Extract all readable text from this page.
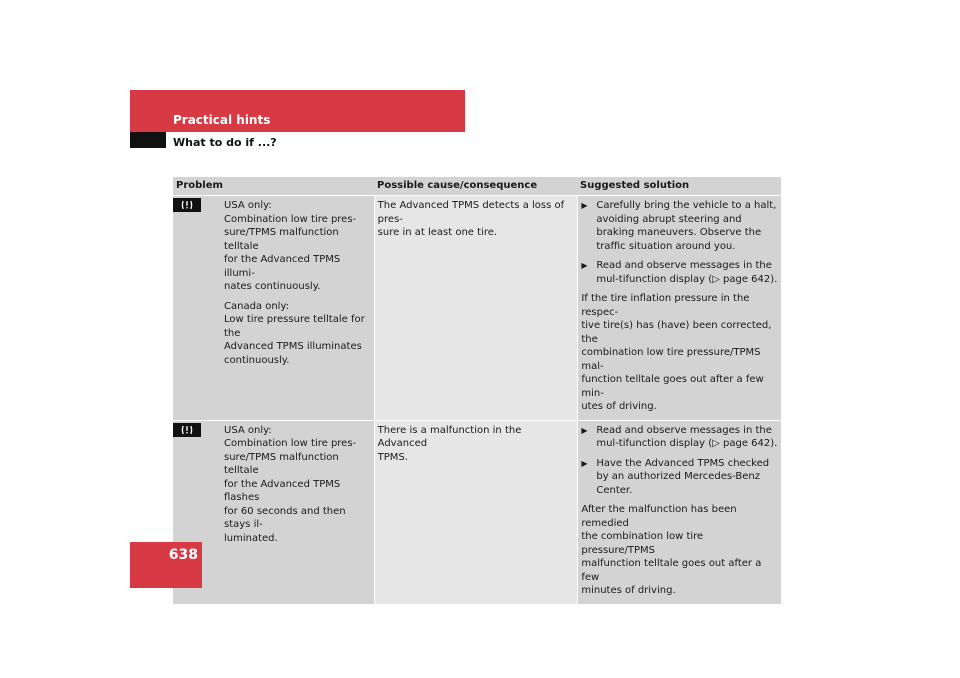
Practical hints
What to do if ...?
Problem	Possible cause/consequence	Suggested solution

USA only:
Combination low tire pres-
sure/TPMS malfunction telltale
for the Advanced TPMS illumi-
nates continuously.

Canada only:
Low tire pressure telltale for the
Advanced TPMS illuminates
continuously.

The Advanced TPMS detects a loss of pres-
sure in at least one tire.
▶ Carefully bring the vehicle to a halt, avoiding abrupt steering and braking maneuvers. Observe the traffic situation around you.
▶ Read and observe messages in the mul-tifunction display (▷ page 642).

If the tire inflation pressure in the respec-
tive tire(s) has (have) been corrected, the
combination low tire pressure/TPMS mal-
function telltale goes out after a few min-
utes of driving.

USA only:
Combination low tire pres-
sure/TPMS malfunction telltale
for the Advanced TPMS flashes
for 60 seconds and then stays il-
luminated.

There is a malfunction in the Advanced
TPMS.
▶ Read and observe messages in the mul-tifunction display (▷ page 642).
▶ Have the Advanced TPMS checked by an authorized Mercedes-Benz Center.

After the malfunction has been remedied
the combination low tire pressure/TPMS
malfunction telltale goes out after a few
minutes of driving.

638
